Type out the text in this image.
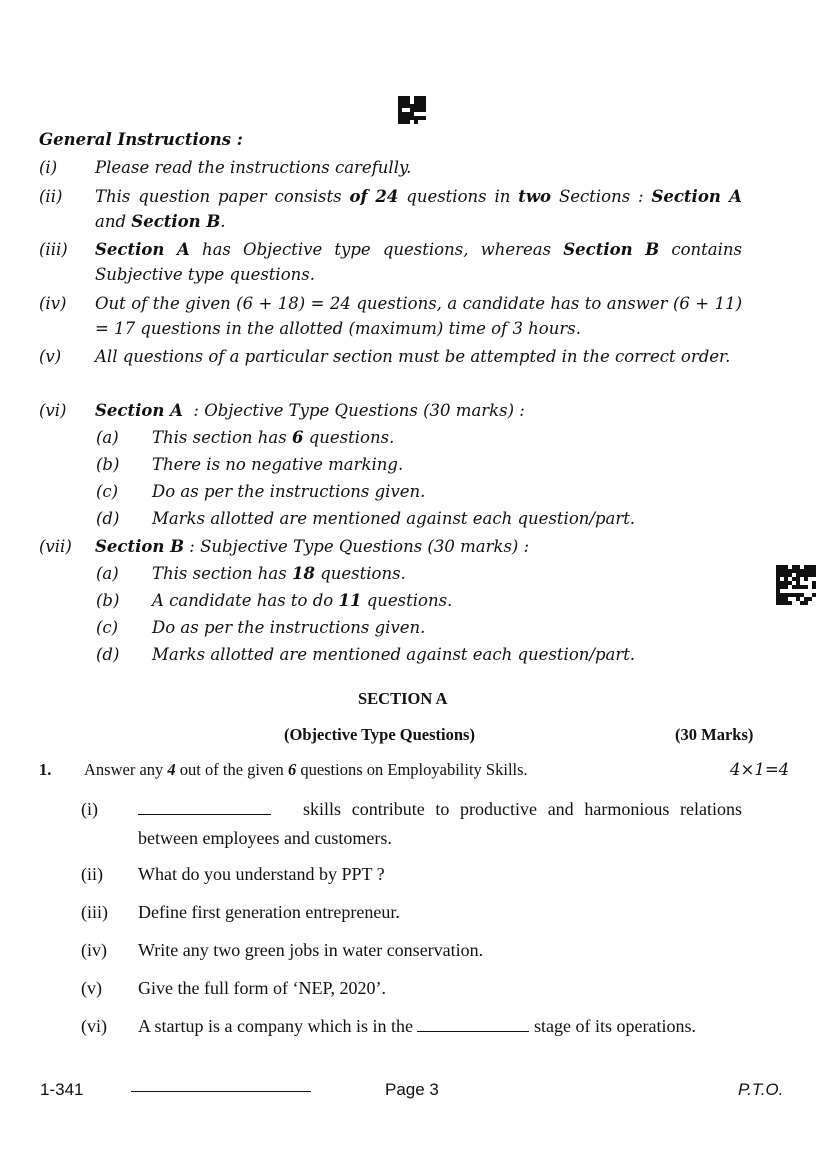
General Instructions :
(i) Please read the instructions carefully.
(ii) This question paper consists of 24 questions in two Sections : Section A and Section B.
(iii) Section A has Objective type questions, whereas Section B contains Subjective type questions.
(iv) Out of the given (6 + 18) = 24 questions, a candidate has to answer (6 + 11) = 17 questions in the allotted (maximum) time of 3 hours.
(v) All questions of a particular section must be attempted in the correct order.
(vi) Section A  : Objective Type Questions (30 marks) :
(a) This section has 6 questions.
(b) There is no negative marking.
(c) Do as per the instructions given.
(d) Marks allotted are mentioned against each question/part.
(vii) Section B : Subjective Type Questions (30 marks) :
(a) This section has 18 questions.
(b) A candidate has to do 11 questions.
(c) Do as per the instructions given.
(d) Marks allotted are mentioned against each question/part.
SECTION A
(Objective Type Questions)	(30 Marks)
1. Answer any 4 out of the given 6 questions on Employability Skills.	4×1=4
(i)	skills contribute to productive and harmonious relations between employees and customers.
(ii) What do you understand by PPT ?
(iii) Define first generation entrepreneur.
(iv) Write any two green jobs in water conservation.
(v) Give the full form of ‘NEP, 2020’.
(vi) A startup is a company which is in the	stage of its operations.
1-341	Page 3	P.T.O.
